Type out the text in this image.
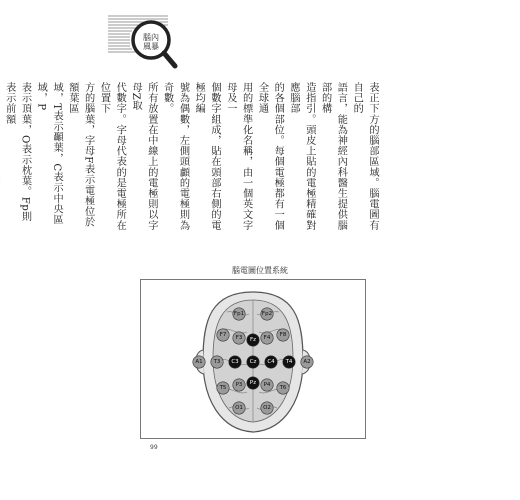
腦內
風暴
表正下方的腦部區域。腦電圖有自己的
語言，能為神經內科醫生提供腦部的構
造指引。頭皮上貼的電極精確對應腦部
的各個部位。每個電極都有一個全球通
用的標準化名稱，由一個英文字母及一
個數字組成，貼在頭部右側的電極均編
號為偶數，左側頭顱的電極則為奇數。
所有放置在中線上的電極則以字母Z取
代數字。字母代表的是電極所在位置下
方的腦葉，字母F表示電極位於額葉區
域，T表示顳葉，C表示中央區域，P
表示頂葉，O表示枕葉。Fp則表示前額
腦電圖位置系統
Fp1	Fp2
F7 F3 Fz F4 F8
A1 T3 C3 Cz C4 T4 A2
T5 P3 Pz P4 T6
O1	O2
99
